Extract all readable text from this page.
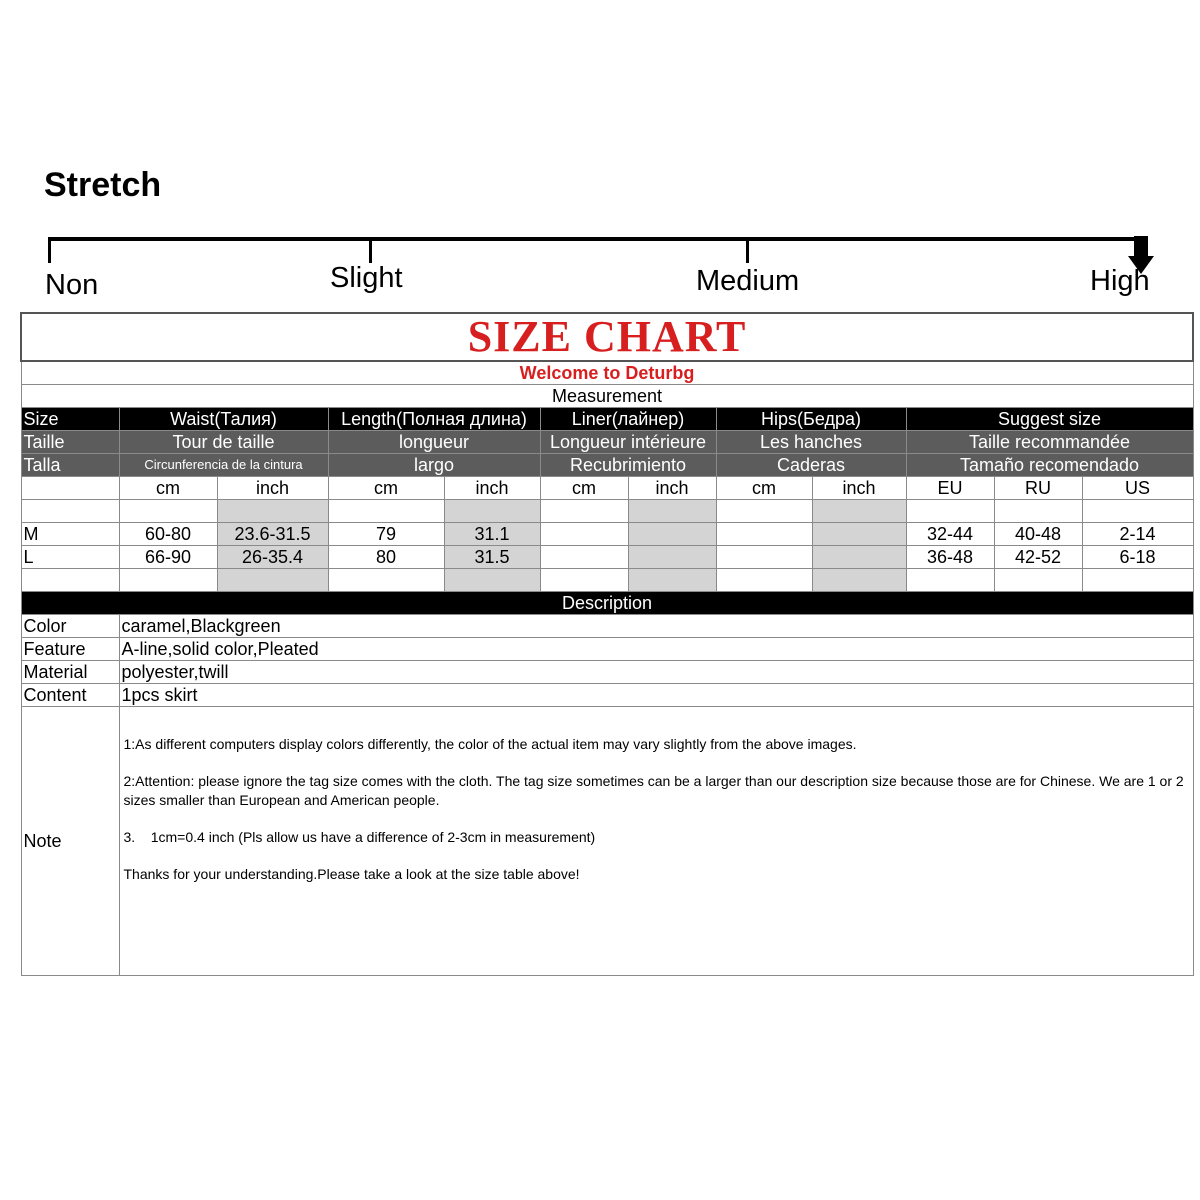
Stretch
Non	Slight	Medium	High
SIZE CHART											
Welcome to Deturbg											
Measurement											
Size	Waist(Талия)		Length(Полная длина)		Liner(лайнер)		Hips(Бедра)		Suggest size		
Taille	Tour de taille		longueur		Longueur intérieure		Les hanches		Taille recommandée		
Talla	Circunferencia de la cintura		largo		Recubrimiento		Caderas		Tamaño recomendado		
	cm	inch	cm	inch	cm	inch	cm	inch	EU	RU	US

M	60-80	23.6-31.5	79	31.1					32-44	40-48	2-14
L	66-90	26-35.4	80	31.5					36-48	42-52	6-18

Description											
Color	caramel,Blackgreen										
Feature	A-line,solid color,Pleated										
Material	polyester,twill										
Content	1pcs skirt										
Note	1:As different computers display colors differently, the color of the actual item may vary slightly from the above images.

2:Attention: please ignore the tag size comes with the cloth. The tag size sometimes can be a larger than our description size because those are for Chinese. We are 1 or 2 sizes smaller than European and American people.

3.    1cm=0.4 inch (Pls allow us have a difference of 2-3cm in measurement)

Thanks for your understanding.Please take a look at the size table above!										
